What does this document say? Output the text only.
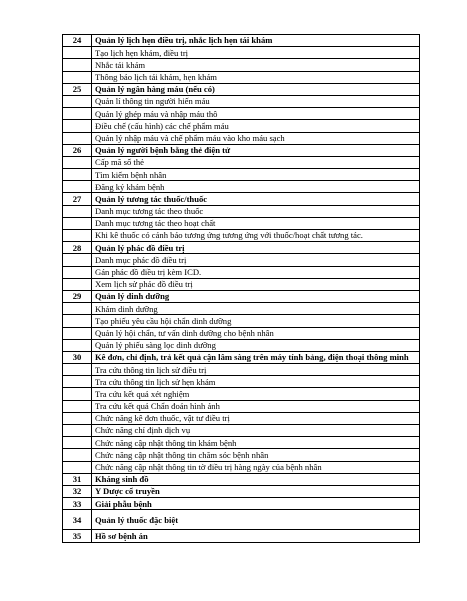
24	Quản lý lịch hẹn điều trị, nhắc lịch hẹn tái khám
	Tạo lịch hẹn khám, điều trị
	Nhắc tái khám
	Thông báo lịch tái khám, hẹn khám
25	Quản lý ngân hàng máu (nếu có)
	Quản lí thông tin người hiến máu
	Quản lý ghép máu và nhập máu thô
	Điều chế (cấu hình) các chế phẩm máu
	Quản lý nhập máu và chế phẩm máu vào kho máu sạch
26	Quản lý người bệnh bằng thẻ điện tử
	Cấp mã số thẻ
	Tìm kiếm bệnh nhân
	Đăng ký khám bệnh
27	Quản lý tương tác thuốc/thuốc
	Danh mục tương tác theo thuốc
	Danh mục tương tác theo hoạt chất
	Khi kê thuốc có cảnh báo tương ứng tương ứng với thuốc/hoạt chất tương tác.
28	Quản lý phác đồ điều trị
	Danh mục phác đồ điều trị
	Gán phác đồ điều trị kèm ICD.
	Xem lịch sử phác đồ điều trị
29	Quản lý dinh dưỡng
	Khám dinh dưỡng
	Tạo phiếu yêu cầu hội chẩn dinh dưỡng
	Quản lý hội chẩn, tư vấn dinh dưỡng cho bệnh nhân
	Quản lý phiếu sàng lọc dinh dưỡng
30	Kê đơn, chỉ định, trả kết quả cận lâm sàng trên máy tính bảng, điện thoại thông minh
	Tra cứu thông tin lịch sử điều trị
	Tra cứu thông tin lịch sử hẹn khám
	Tra cứu kết quả xét nghiệm
	Tra cứu kết quả Chẩn đoán hình ảnh
	Chức năng kê đơn thuốc, vật tư điều trị
	Chức năng chỉ định dịch vụ
	Chức năng cập nhật thông tin khám bệnh
	Chức năng cập nhật thông tin chăm sóc bệnh nhân
	Chức năng cập nhật thông tin tờ điều trị hàng ngày của bệnh nhân
31	Kháng sinh đồ
32	Y Dược cổ truyền
33	Giải phẫu bệnh
34	Quản lý thuốc đặc biệt
35	Hồ sơ bệnh án
